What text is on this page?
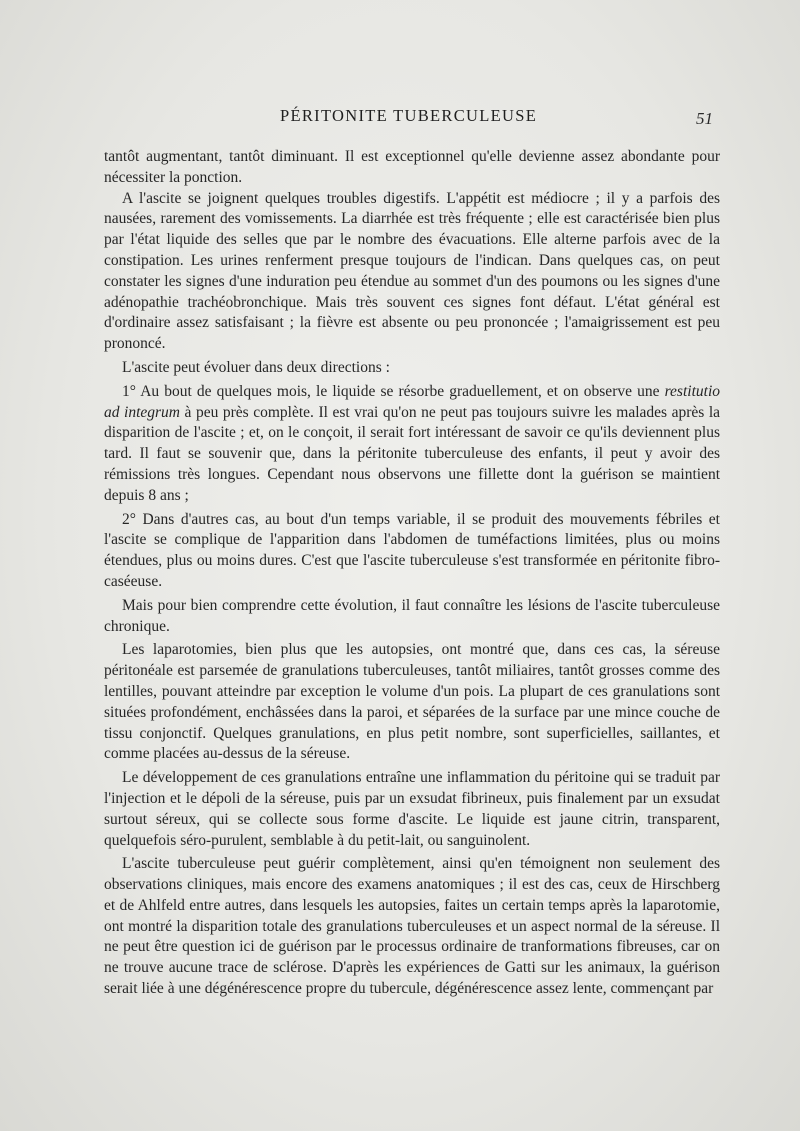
PÉRITONITE TUBERCULEUSE	51

tantôt augmentant, tantôt diminuant. Il est exceptionnel qu'elle devienne assez abondante pour nécessiter la ponction.

A l'ascite se joignent quelques troubles digestifs. L'appétit est médiocre ; il y a parfois des nausées, rarement des vomissements. La diarrhée est très fréquente ; elle est caractérisée bien plus par l'état liquide des selles que par le nombre des évacuations. Elle alterne parfois avec de la constipation. Les urines renferment presque toujours de l'indican. Dans quelques cas, on peut constater les signes d'une induration peu étendue au sommet d'un des poumons ou les signes d'une adénopathie trachéobronchique. Mais très souvent ces signes font défaut. L'état général est d'ordinaire assez satisfaisant ; la fièvre est absente ou peu prononcée ; l'amaigrissement est peu prononcé.

L'ascite peut évoluer dans deux directions :

1° Au bout de quelques mois, le liquide se résorbe graduellement, et on observe une restitutio ad integrum à peu près complète. Il est vrai qu'on ne peut pas toujours suivre les malades après la disparition de l'ascite ; et, on le conçoit, il serait fort intéressant de savoir ce qu'ils deviennent plus tard. Il faut se souvenir que, dans la péritonite tuberculeuse des enfants, il peut y avoir des rémissions très longues. Cependant nous observons une fillette dont la guérison se maintient depuis 8 ans ;

2° Dans d'autres cas, au bout d'un temps variable, il se produit des mouvements fébriles et l'ascite se complique de l'apparition dans l'abdomen de tuméfactions limitées, plus ou moins étendues, plus ou moins dures. C'est que l'ascite tuberculeuse s'est transformée en péritonite fibro-caséeuse.

Mais pour bien comprendre cette évolution, il faut connaître les lésions de l'ascite tuberculeuse chronique.

Les laparotomies, bien plus que les autopsies, ont montré que, dans ces cas, la séreuse péritonéale est parsemée de granulations tuberculeuses, tantôt miliaires, tantôt grosses comme des lentilles, pouvant atteindre par exception le volume d'un pois. La plupart de ces granulations sont situées profondément, enchâssées dans la paroi, et séparées de la surface par une mince couche de tissu conjonctif. Quelques granulations, en plus petit nombre, sont superficielles, saillantes, et comme placées au-dessus de la séreuse.

Le développement de ces granulations entraîne une inflammation du péritoine qui se traduit par l'injection et le dépoli de la séreuse, puis par un exsudat fibrineux, puis finalement par un exsudat surtout séreux, qui se collecte sous forme d'ascite. Le liquide est jaune citrin, transparent, quelquefois séro-purulent, semblable à du petit-lait, ou sanguinolent.

L'ascite tuberculeuse peut guérir complètement, ainsi qu'en témoignent non seulement des observations cliniques, mais encore des examens anatomiques ; il est des cas, ceux de Hirschberg et de Ahlfeld entre autres, dans lesquels les autopsies, faites un certain temps après la laparotomie, ont montré la disparition totale des granulations tuberculeuses et un aspect normal de la séreuse. Il ne peut être question ici de guérison par le processus ordinaire de tranformations fibreuses, car on ne trouve aucune trace de sclérose. D'après les expériences de Gatti sur les animaux, la guérison serait liée à une dégénérescence propre du tubercule, dégénérescence assez lente, commençant par
